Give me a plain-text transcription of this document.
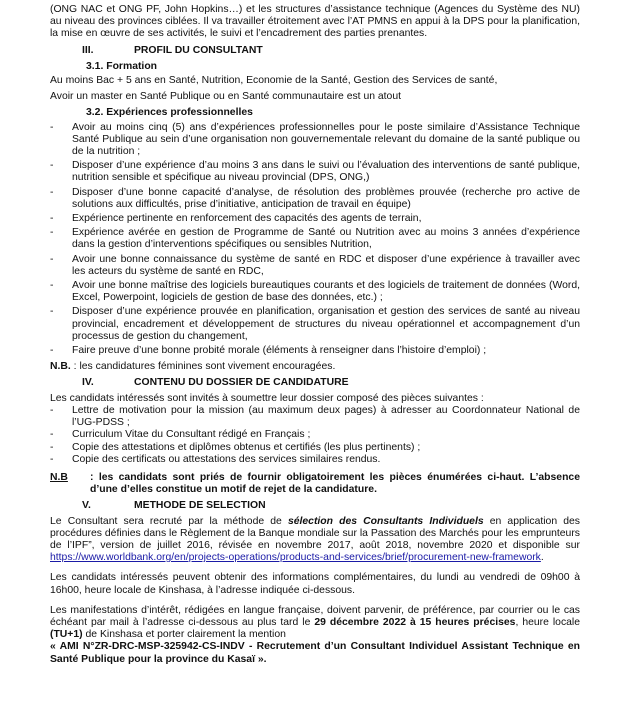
(ONG NAC et ONG PF, John Hopkins…) et les structures d’assistance technique (Agences du Système des NU) au niveau des provinces ciblées. Il va travailler étroitement avec l’AT PMNS en appui à la DPS pour la planification, la mise en œuvre de ses activités, le suivi et l’encadrement des parties prenantes.

III.	PROFIL DU CONSULTANT
3.1. Formation

Au moins Bac + 5 ans en Santé, Nutrition, Economie de la Santé, Gestion des Services de santé,

Avoir un master en Santé Publique ou en Santé communautaire est un atout

3.2. Expériences professionnelles
- Avoir au moins cinq (5) ans d’expériences professionnelles pour le poste similaire d’Assistance Technique Santé Publique au sein d’une organisation non gouvernementale relevant du domaine de la santé publique ou de la nutrition ;
- Disposer d’une expérience d’au moins 3 ans dans le suivi ou l’évaluation des interventions de santé publique, nutrition sensible et spécifique au niveau provincial (DPS, ONG,)
- Disposer d’une bonne capacité d’analyse, de résolution des problèmes prouvée (recherche pro active de solutions aux difficultés, prise d’initiative, anticipation de travail en équipe)
- Expérience pertinente en renforcement des capacités des agents de terrain,
- Expérience avérée en gestion de Programme de Santé ou Nutrition avec au moins 3 années d’expérience dans la gestion d’interventions spécifiques ou sensibles Nutrition,
- Avoir une bonne connaissance du système de santé en RDC et disposer d’une expérience à travailler avec les acteurs du système de santé en RDC,
- Avoir une bonne maîtrise des logiciels bureautiques courants et des logiciels de traitement de données (Word, Excel, Powerpoint, logiciels de gestion de base des données, etc.) ;
- Disposer d’une expérience prouvée en planification, organisation et gestion des services de santé au niveau provincial, encadrement et développement de structures du niveau opérationnel et accompagnement d’un processus de gestion du changement,
- Faire preuve d’une bonne probité morale (éléments à renseigner dans l’histoire d’emploi) ;

N.B. : les candidatures féminines sont vivement encouragées.

IV.	CONTENU DU DOSSIER DE CANDIDATURE

Les candidats intéressés sont invités à soumettre leur dossier composé des pièces suivantes :

- Lettre de motivation pour la mission (au maximum deux pages) à adresser au Coordonnateur National de l’UG-PDSS ;
- Curriculum Vitae du Consultant rédigé en Français ;
- Copie des attestations et diplômes obtenus et certifiés (les plus pertinents) ;
- Copie des certificats ou attestations des services similaires rendus.
N.B	: les candidats sont priés de fournir obligatoirement les pièces énumérées ci-haut. L’absence d’une d’elles constitue un motif de rejet de la candidature.
V.	METHODE DE SELECTION

Le Consultant sera recruté par la méthode de sélection des Consultants Individuels en application des procédures définies dans le Règlement de la Banque mondiale sur la Passation des Marchés pour les emprunteurs de l’IPF”, version de juillet 2016, révisée en novembre 2017, août 2018, novembre 2020 et disponible sur https://www.worldbank.org/en/projects-operations/products-and-services/brief/procurement-new-framework.

Les candidats intéressés peuvent obtenir des informations complémentaires, du lundi au vendredi de 09h00 à 16h00, heure locale de Kinshasa, à l’adresse indiquée ci-dessous.

Les manifestations d’intérêt, rédigées en langue française, doivent parvenir, de préférence, par courrier ou le cas échéant par mail à l’adresse ci-dessous au plus tard le 29 décembre 2022 à 15 heures précises, heure locale (TU+1) de Kinshasa et porter clairement la mention

« AMI N°ZR-DRC-MSP-325942-CS-INDV - Recrutement d’un Consultant Individuel Assistant Technique en Santé Publique pour la province du Kasaï ».
